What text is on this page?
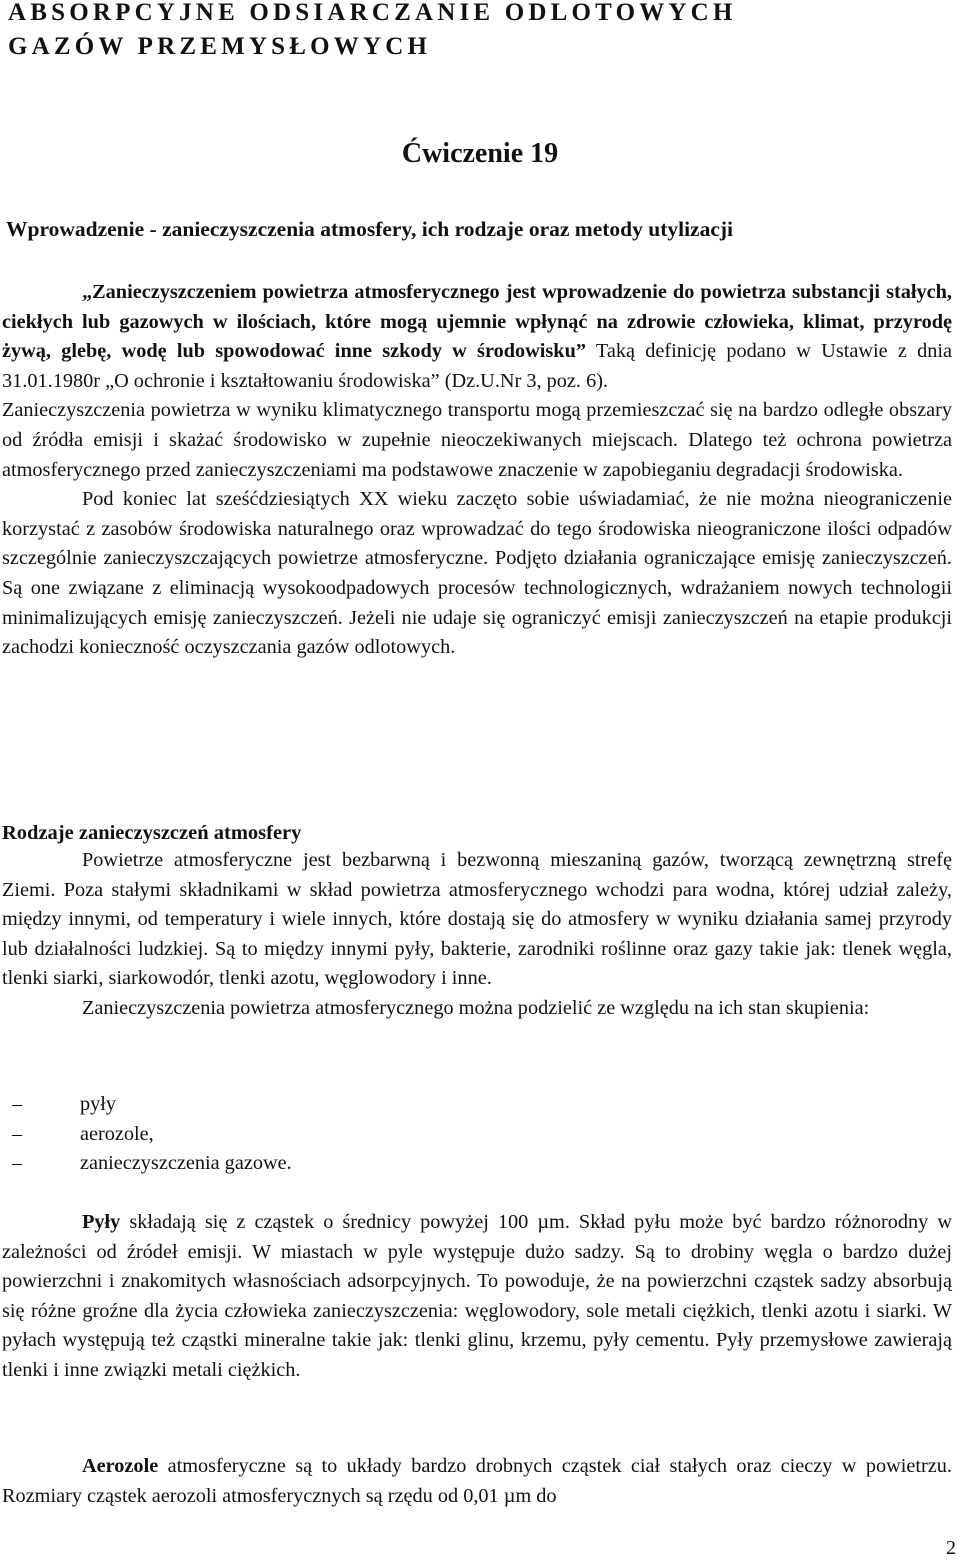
ABSORPCYJNE ODSIARCZANIE ODLOTOWYCH
GAZÓW PRZEMYSŁOWYCH
Ćwiczenie 19
Wprowadzenie - zanieczyszczenia atmosfery, ich rodzaje oraz metody utylizacji
„Zanieczyszczeniem powietrza atmosferycznego jest wprowadzenie do powietrza substancji stałych, ciekłych lub gazowych w ilościach, które mogą ujemnie wpłynąć na zdrowie człowieka, klimat, przyrodę żywą, glebę, wodę lub spowodować inne szkody w środowisku” Taką definicję podano w Ustawie z dnia 31.01.1980r „O ochronie i kształtowaniu środowiska” (Dz.U.Nr 3, poz. 6).
Zanieczyszczenia powietrza w wyniku klimatycznego transportu mogą przemieszczać się na bardzo odległe obszary od źródła emisji i skażać środowisko w zupełnie nieoczekiwanych miejscach. Dlatego też ochrona powietrza atmosferycznego przed zanieczyszczeniami ma podstawowe znaczenie w zapobieganiu degradacji środowiska.
Pod koniec lat sześćdziesiątych XX wieku zaczęto sobie uświadamiać, że nie można nieograniczenie korzystać z zasobów środowiska naturalnego oraz wprowadzać do tego środowiska nieograniczone ilości odpadów szczególnie zanieczyszczających powietrze atmosferyczne. Podjęto działania ograniczające emisję zanieczyszczeń. Są one związane z eliminacją wysokoodpadowych procesów technologicznych, wdrażaniem nowych technologii minimalizujących emisję zanieczyszczeń. Jeżeli nie udaje się ograniczyć emisji zanieczyszczeń na etapie produkcji zachodzi konieczność oczyszczania gazów odlotowych.
Rodzaje zanieczyszczeń atmosfery
Powietrze atmosferyczne jest bezbarwną i bezwonną mieszaniną gazów, tworzącą zewnętrzną strefę Ziemi. Poza stałymi składnikami w skład powietrza atmosferycznego wchodzi para wodna, której udział zależy, między innymi, od temperatury i wiele innych, które dostają się do atmosfery w wyniku działania samej przyrody lub działalności ludzkiej. Są to między innymi pyły, bakterie, zarodniki roślinne oraz gazy takie jak: tlenek węgla, tlenki siarki, siarkowodór, tlenki azotu, węglowodory i inne.
Zanieczyszczenia powietrza atmosferycznego można podzielić ze względu na ich stan skupienia:
–	pyły
–	aerozole,
–	zanieczyszczenia gazowe.
Pyły składają się z cząstek o średnicy powyżej 100 µm. Skład pyłu może być bardzo różnorodny w zależności od źródeł emisji. W miastach w pyle występuje dużo sadzy. Są to drobiny węgla o bardzo dużej powierzchni i znakomitych własnościach adsorpcyjnych. To powoduje, że na powierzchni cząstek sadzy absorbują się różne groźne dla życia człowieka zanieczyszczenia: węglowodory, sole metali ciężkich, tlenki azotu i siarki. W pyłach występują też cząstki mineralne takie jak: tlenki glinu, krzemu, pyły cementu. Pyły przemysłowe zawierają tlenki i inne związki metali ciężkich.
Aerozole atmosferyczne są to układy bardzo drobnych cząstek ciał stałych oraz cieczy w powietrzu. Rozmiary cząstek aerozoli atmosferycznych są rzędu od 0,01 µm do
2
